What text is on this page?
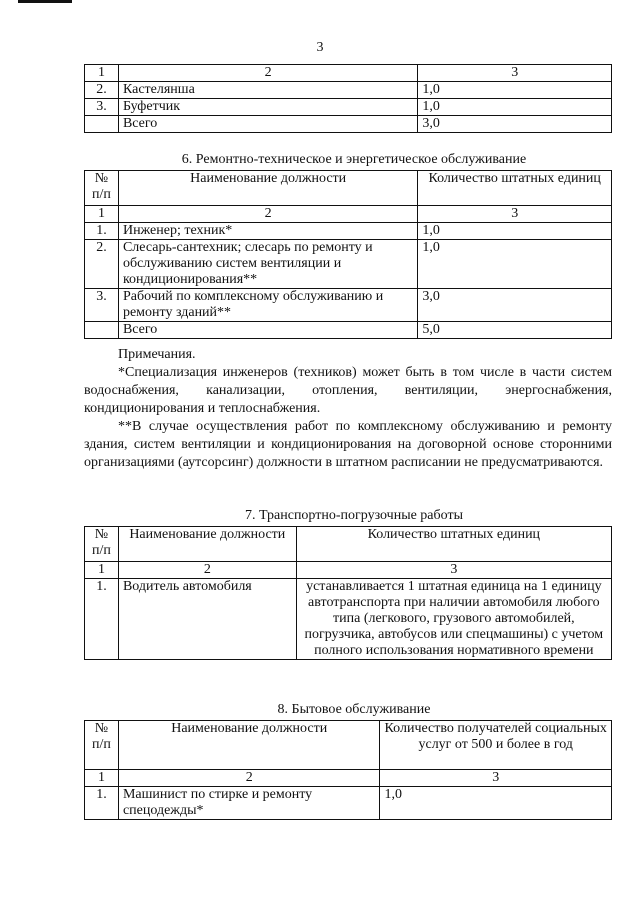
3
1	2	3
2.	Кастелянша	1,0
3.	Буфетчик	1,0
	Всего	3,0
6. Ремонтно-техническое и энергетическое обслуживание
№ п/п	Наименование должности	Количество штатных единиц
1	2	3
1.	Инженер; техник*	1,0
2.	Слесарь-сантехник; слесарь по ремонту и обслуживанию систем вентиляции и кондиционирования**	1,0
3.	Рабочий по комплексному обслуживанию и ремонту зданий**	3,0
	Всего	5,0
Примечания.
*Специализация инженеров (техников) может быть в том числе в части систем водоснабжения, канализации, отопления, вентиляции, энергоснабжения, кондиционирования и теплоснабжения.
**В случае осуществления работ по комплексному обслуживанию и ремонту здания, систем вентиляции и кондиционирования на договорной основе сторонними организациями (аутсорсинг) должности в штатном расписании не предусматриваются.
7. Транспортно-погрузочные работы
№ п/п	Наименование должности	Количество штатных единиц
1	2	3
1.	Водитель автомобиля	устанавливается 1 штатная единица на 1 единицу автотранспорта при наличии автомобиля любого типа (легкового, грузового автомобилей, погрузчика, автобусов или спецмашины) с учетом полного использования нормативного времени
8. Бытовое обслуживание
№ п/п	Наименование должности	Количество получателей социальных услуг от 500 и более в год
1	2	3
1.	Машинист по стирке и ремонту спецодежды*	1,0
